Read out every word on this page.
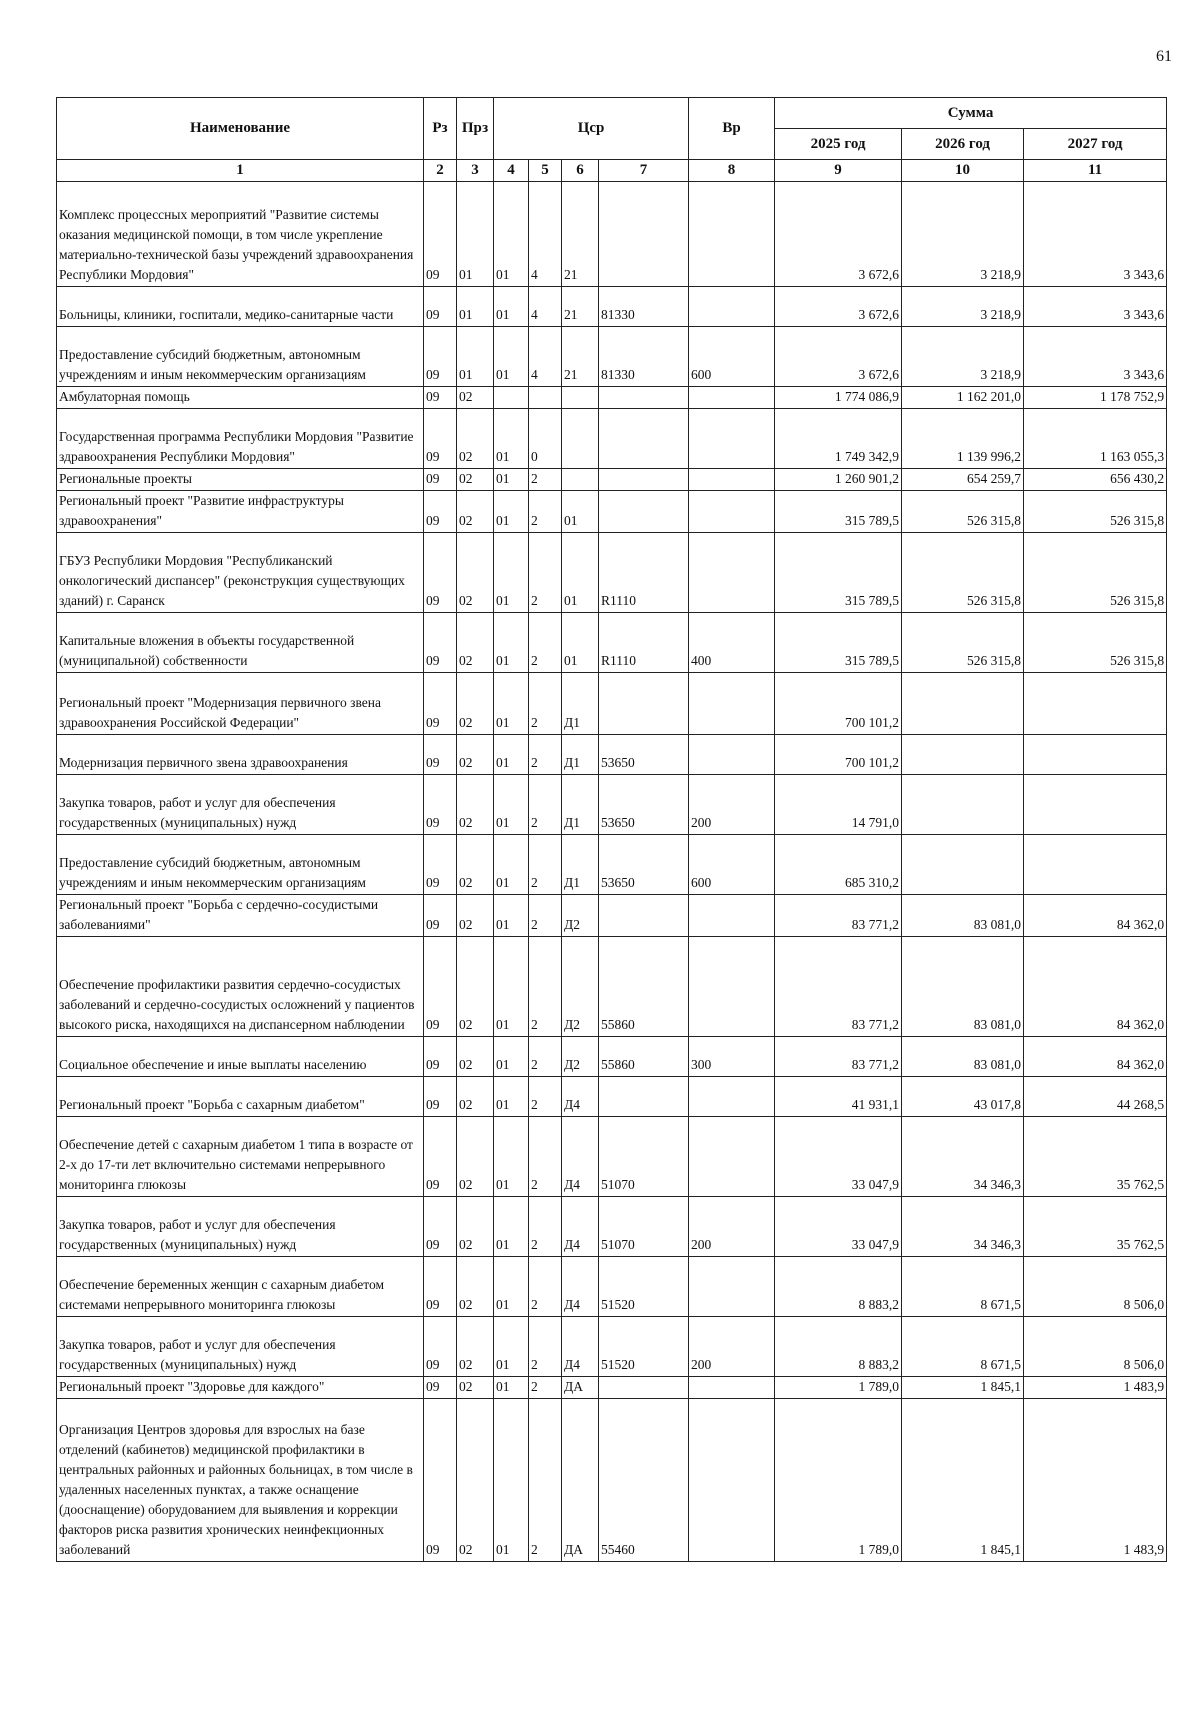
61
Наименование	Рз	Прз	Цср				Вр	Сумма		
								2025 год	2026 год	2027 год
1	2	3	4	5	6	7	8	9	10	11
Комплекс процессных мероприятий "Развитие системы оказания медицинской помощи, в том числе укрепление материально-технической базы учреждений здравоохранения Республики Мордовия"	09	01	01	4	21			3 672,6	3 218,9	3 343,6
Больницы, клиники, госпитали, медико-санитарные части	09	01	01	4	21	81330		3 672,6	3 218,9	3 343,6
Предоставление субсидий бюджетным, автономным учреждениям и иным некоммерческим организациям	09	01	01	4	21	81330	600	3 672,6	3 218,9	3 343,6
Амбулаторная помощь	09	02						1 774 086,9	1 162 201,0	1 178 752,9
Государственная программа Республики Мордовия "Развитие здравоохранения Республики Мордовия"	09	02	01	0				1 749 342,9	1 139 996,2	1 163 055,3
Региональные проекты	09	02	01	2				1 260 901,2	654 259,7	656 430,2
Региональный проект "Развитие инфраструктуры здравоохранения"	09	02	01	2	01			315 789,5	526 315,8	526 315,8
ГБУЗ Республики Мордовия "Республиканский онкологический диспансер" (реконструкция существующих зданий) г. Саранск	09	02	01	2	01	R1110		315 789,5	526 315,8	526 315,8
Капитальные вложения в объекты государственной (муниципальной) собственности	09	02	01	2	01	R1110	400	315 789,5	526 315,8	526 315,8
Региональный проект "Модернизация первичного звена здравоохранения Российской Федерации"	09	02	01	2	Д1			700 101,2		
Модернизация первичного звена здравоохранения	09	02	01	2	Д1	53650		700 101,2		
Закупка товаров, работ и услуг для обеспечения государственных (муниципальных) нужд	09	02	01	2	Д1	53650	200	14 791,0		
Предоставление субсидий бюджетным, автономным учреждениям и иным некоммерческим организациям	09	02	01	2	Д1	53650	600	685 310,2		
Региональный проект "Борьба с сердечно-сосудистыми заболеваниями"	09	02	01	2	Д2			83 771,2	83 081,0	84 362,0
Обеспечение профилактики развития сердечно-сосудистых заболеваний и сердечно-сосудистых осложнений у пациентов высокого риска, находящихся на диспансерном наблюдении	09	02	01	2	Д2	55860		83 771,2	83 081,0	84 362,0
Социальное обеспечение и иные выплаты населению	09	02	01	2	Д2	55860	300	83 771,2	83 081,0	84 362,0
Региональный проект "Борьба с сахарным диабетом"	09	02	01	2	Д4			41 931,1	43 017,8	44 268,5
Обеспечение детей с сахарным диабетом 1 типа в возрасте от 2-х до 17-ти лет включительно системами непрерывного мониторинга глюкозы	09	02	01	2	Д4	51070		33 047,9	34 346,3	35 762,5
Закупка товаров, работ и услуг для обеспечения государственных (муниципальных) нужд	09	02	01	2	Д4	51070	200	33 047,9	34 346,3	35 762,5
Обеспечение беременных женщин с сахарным диабетом системами непрерывного мониторинга глюкозы	09	02	01	2	Д4	51520		8 883,2	8 671,5	8 506,0
Закупка товаров, работ и услуг для обеспечения государственных (муниципальных) нужд	09	02	01	2	Д4	51520	200	8 883,2	8 671,5	8 506,0
Региональный проект "Здоровье для каждого"	09	02	01	2	ДА			1 789,0	1 845,1	1 483,9
Организация Центров здоровья для взрослых на базе отделений (кабинетов) медицинской профилактики в центральных районных и районных больницах, в том числе в удаленных населенных пунктах, а также оснащение (дооснащение) оборудованием для выявления и коррекции факторов риска развития хронических неинфекционных заболеваний	09	02	01	2	ДА	55460		1 789,0	1 845,1	1 483,9
